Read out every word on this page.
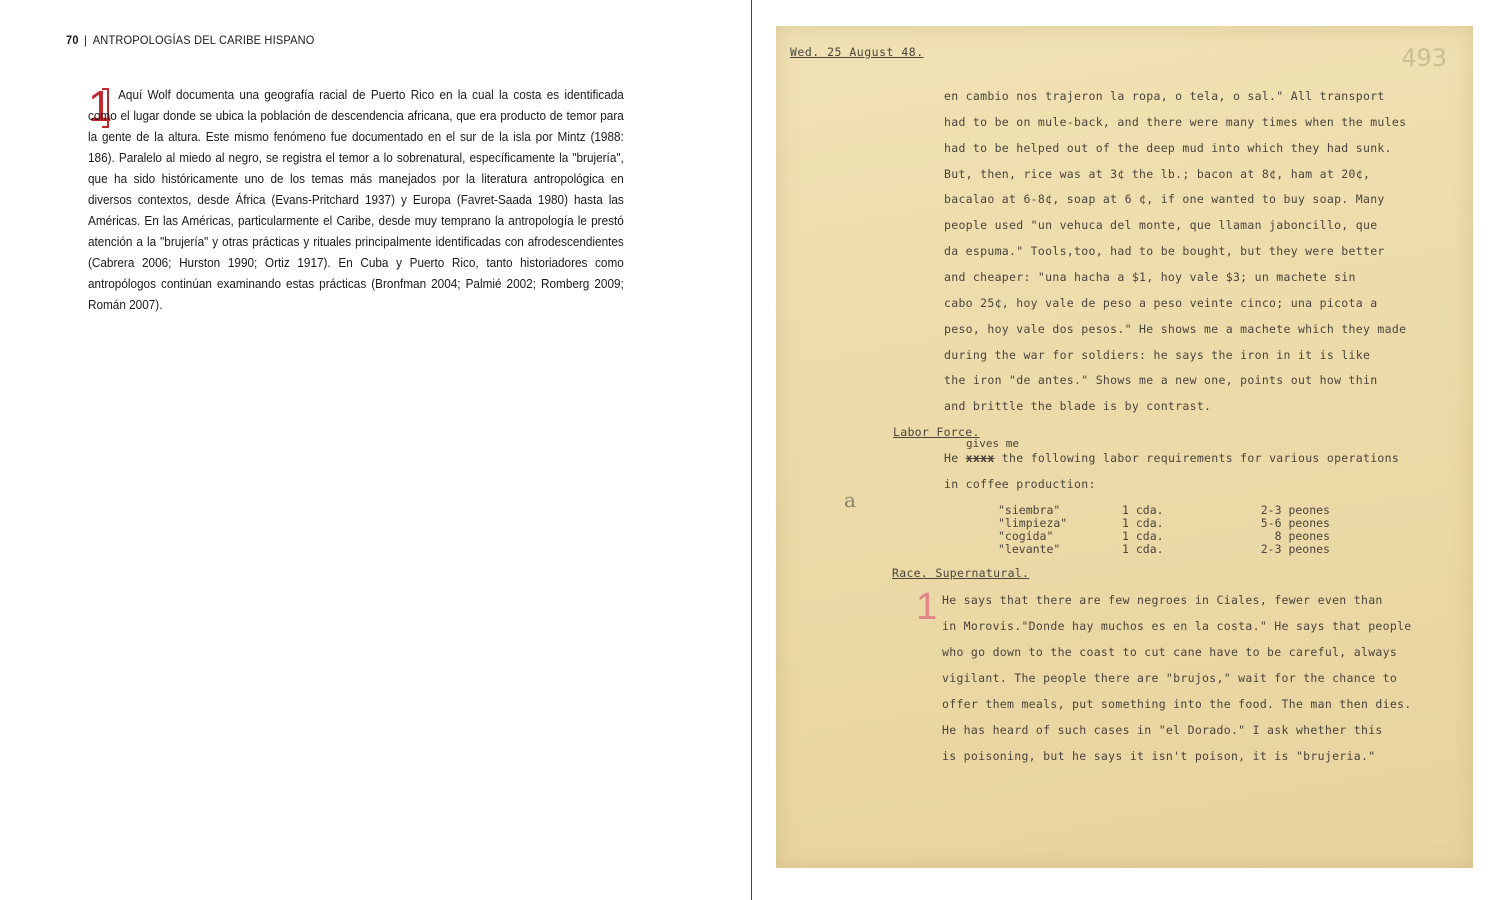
70 | ANTROPOLOGÍAS DEL CARIBE HISPANO
1 Aquí Wolf documenta una geografía racial de Puerto Rico en la cual la costa es identificada como el lugar donde se ubica la población de descendencia africana, que era producto de temor para la gente de la altura. Este mismo fenómeno fue documentado en el sur de la isla por Mintz (1988: 186). Paralelo al miedo al negro, se registra el temor a lo sobrenatural, específicamente la "brujería", que ha sido históricamente uno de los temas más manejados por la literatura antropológica en diversos contextos, desde África (Evans-Pritchard 1937) y Europa (Favret-Saada 1980) hasta las Américas. En las Américas, particularmente el Caribe, desde muy temprano la antropología le prestó atención a la "brujería" y otras prácticas y rituales principalmente identificadas con afrodescendientes (Cabrera 2006; Hurston 1990; Ortiz 1917). En Cuba y Puerto Rico, tanto historiadores como antropólogos continúan examinando estas prácticas (Bronfman 2004; Palmié 2002; Romberg 2009; Román 2007).

Wed. 25 August 48.	493
en cambio nos trajeron la ropa, o tela, o sal." All transport
had to be on mule-back, and there were many times when the mules
had to be helped out of the deep mud into which they had sunk.
But, then, rice was at 3¢ the lb.; bacon at 8¢, ham at 20¢,
bacalao at 6-8¢, soap at 6 ¢, if one wanted to buy soap. Many
people used "un vehuca del monte, que llaman jaboncillo, que
da espuma." Tools,too, had to be bought, but they were better
and cheaper: "una hacha a $1, hoy vale $3; un machete sin
cabo 25¢, hoy vale de peso a peso veinte cinco; una picota a
peso, hoy vale dos pesos." He shows me a machete which they made
during the war for soldiers: he says the iron in it is like
the iron "de antes." Shows me a new one, points out how thin
and brittle the blade is by contrast.
Labor Force.
gives me
He xxxx the following labor requirements for various operations
in coffee production:
a	"siembra"	1 cda.	2-3 peones
"limpieza"	1 cda.	5-6 peones
"cogida"	1 cda.	8 peones
"levante"	1 cda.	2-3 peones
Race. Supernatural.
1 He says that there are few negroes in Ciales, fewer even than
in Morovis."Donde hay muchos es en la costa." He says that people
who go down to the coast to cut cane have to be careful, always
vigilant. The people there are "brujos," wait for the chance to
offer them meals, put something into the food. The man then dies.
He has heard of such cases in "el Dorado." I ask whether this
is poisoning, but he says it isn't poison, it is "brujeria."
